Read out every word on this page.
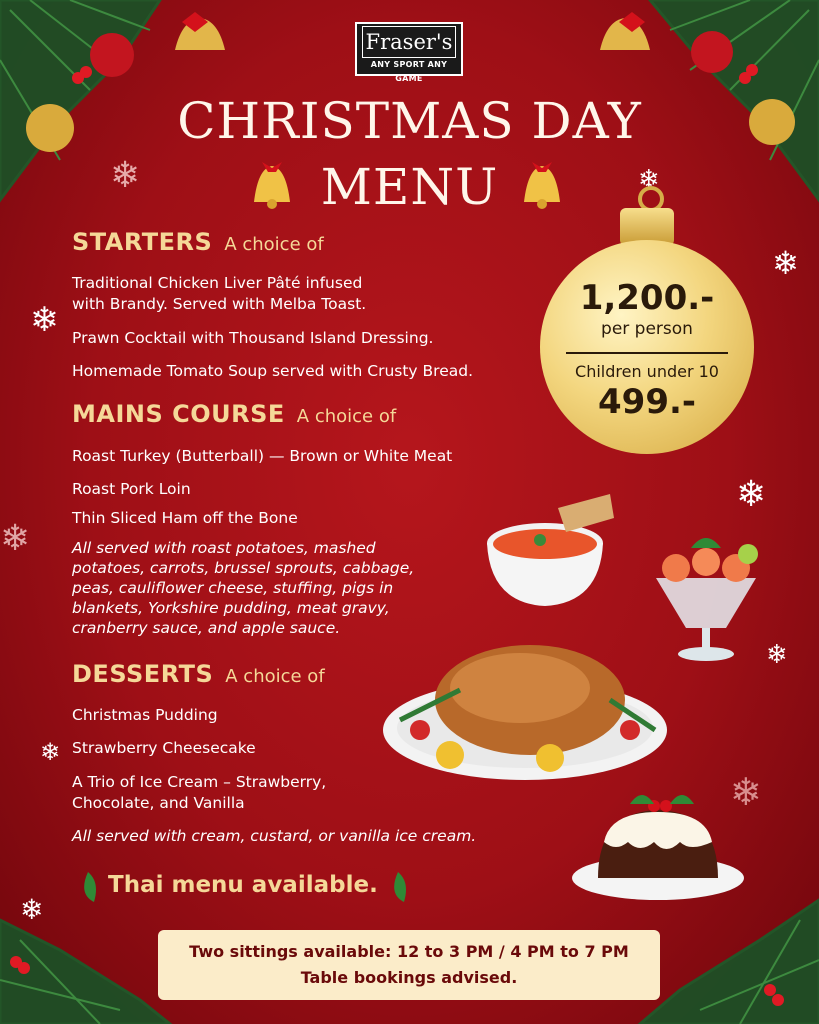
❄	❄
❄
❄
❄
❄
❄
❄
❄
❄
Fraser's
ANY SPORT ANY GAME
CHRISTMAS DAY
MENU
STARTERS A choice of
Traditional Chicken Liver Pâté infused
with Brandy. Served with Melba Toast.
Prawn Cocktail with Thousand Island Dressing.
Homemade Tomato Soup served with Crusty Bread.
MAINS COURSE A choice of
Roast Turkey (Butterball) — Brown or White Meat
Roast Pork Loin
Thin Sliced Ham off the Bone
All served with roast potatoes, mashed
potatoes, carrots, brussel sprouts, cabbage,
peas, cauliflower cheese, stuffing, pigs in
blankets, Yorkshire pudding, meat gravy,
cranberry sauce, and apple sauce.
DESSERTS A choice of
Christmas Pudding
Strawberry Cheesecake
A Trio of Ice Cream – Strawberry,
Chocolate, and Vanilla
All served with cream, custard, or vanilla ice cream.
Thai menu available.
1,200.-
per person
Children under 10
499.-
Two sittings available: 12 to 3 PM / 4 PM to 7 PM
Table bookings advised.
